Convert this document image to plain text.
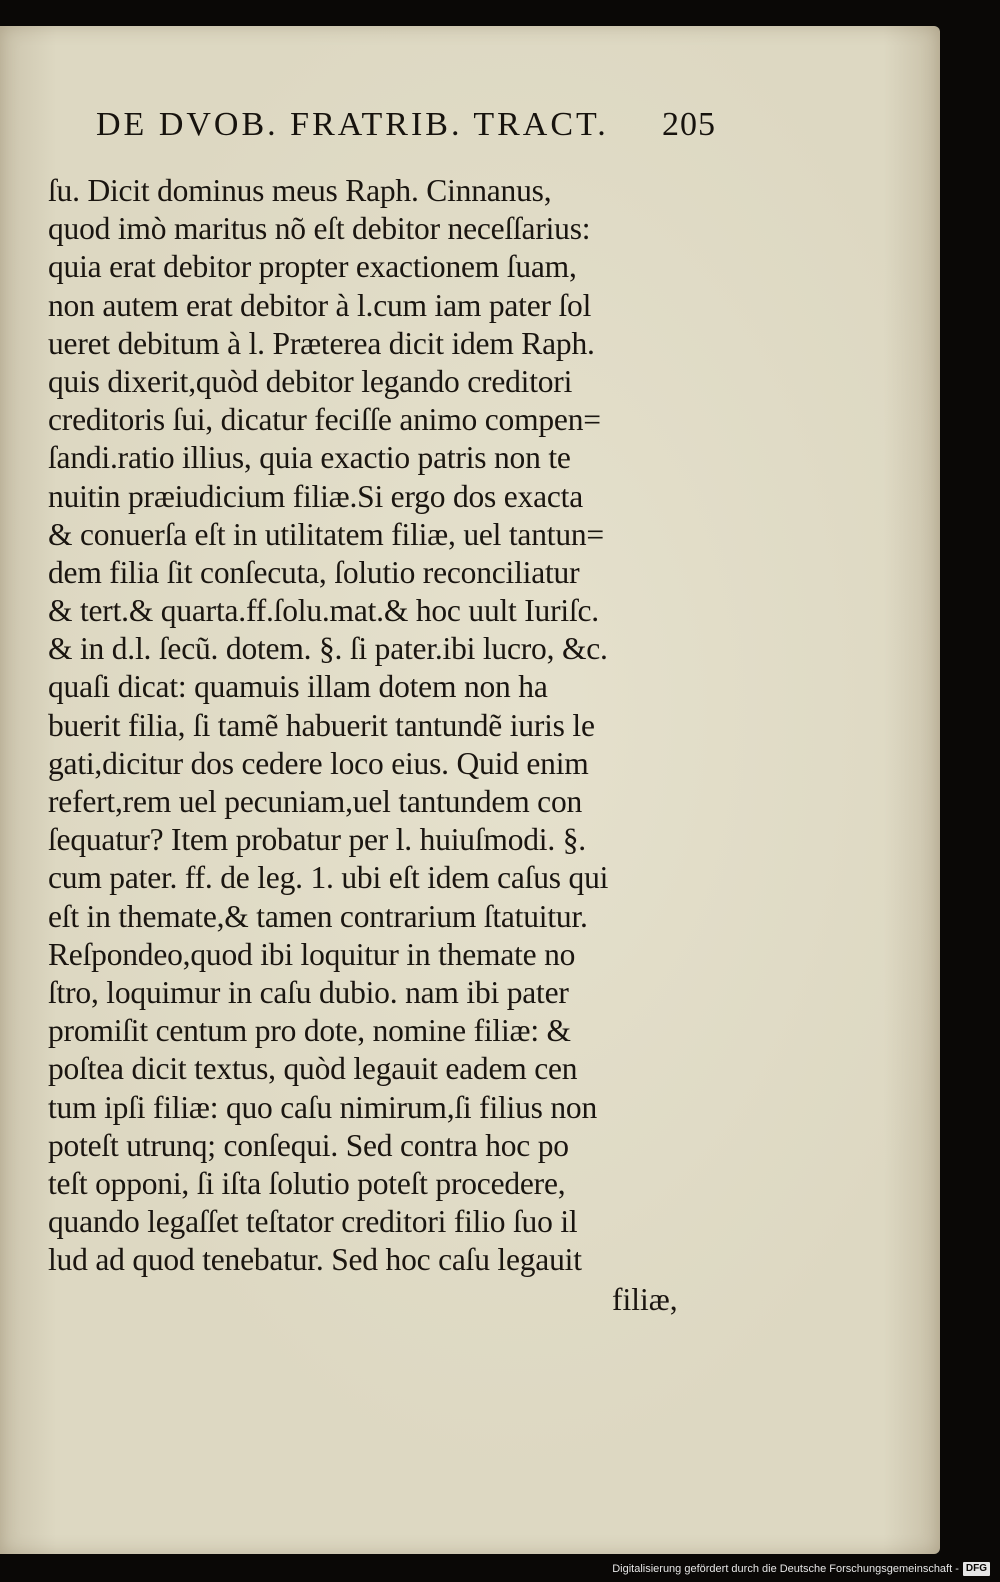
DE DVOB. FRATRIB. TRACT. 205
ſu. Dicit dominus meus Raph. Cinnanus,
quod imò maritus nõ eſt debitor neceſſarius:
quia erat debitor propter exactionem ſuam,
non autem erat debitor à l.cum iam pater ſol
ueret debitum à l. Præterea dicit idem Raph.
quis dixerit,quòd debitor legando creditori
creditoris ſui, dicatur feciſſe animo compen=
ſandi.ratio illius, quia exactio patris non te
nuitin præiudicium filiæ.Si ergo dos exacta
& conuerſa eſt in utilitatem filiæ, uel tantun=
dem filia ſit conſecuta, ſolutio reconciliatur
& tert.& quarta.ff.ſolu.mat.& hoc uult Iuriſc.
& in d.l. ſecũ. dotem. §. ſi pater.ibi lucro, &c.
quaſi dicat: quamuis illam dotem non ha
buerit filia, ſi tamẽ habuerit tantundẽ iuris le
gati,dicitur dos cedere loco eius. Quid enim
refert,rem uel pecuniam,uel tantundem con
ſequatur? Item probatur per l. huiuſmodi. §.
cum pater. ff. de leg. 1. ubi eſt idem caſus qui
eſt in themate,& tamen contrarium ſtatuitur.
Reſpondeo,quod ibi loquitur in themate no
ſtro, loquimur in caſu dubio. nam ibi pater
promiſit centum pro dote, nomine filiæ: &
poſtea dicit textus, quòd legauit eadem cen
tum ipſi filiæ: quo caſu nimirum,ſi filius non
poteſt utrunq; conſequi. Sed contra hoc po
teſt opponi, ſi iſta ſolutio poteſt procedere,
quando legaſſet teſtator creditori filio ſuo il
lud ad quod tenebatur. Sed hoc caſu legauit
filiæ,
Digitalisierung gefördert durch die Deutsche Forschungsgemeinschaft - DFG
